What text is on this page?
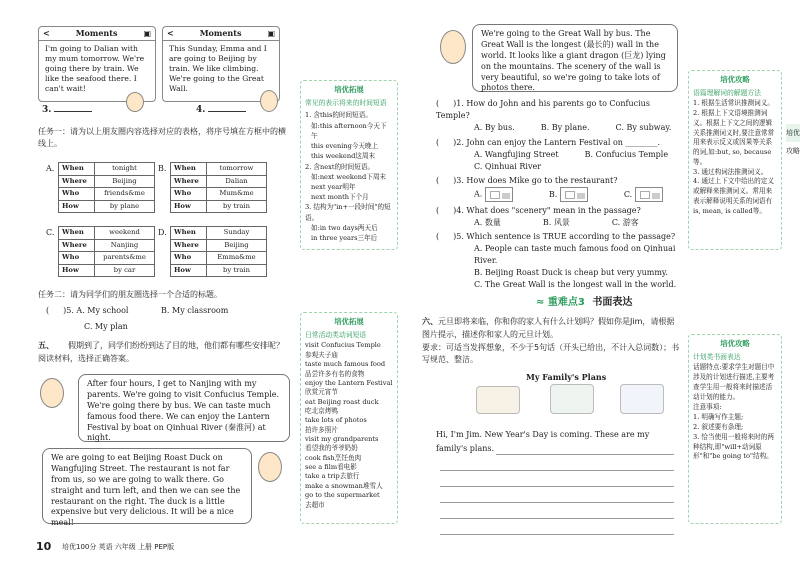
<	Moments	▣
I'm going to Dalian with my mum tomorrow. We're going there by train. We like the seafood there. I can't wait!
3.
<	Moments	▣
This Sunday, Emma and I are going to Beijing by train. We like climbing. We're going to the Great Wall.
4.
任务一：请为以上朋友圈内容选择对应的表格，将序号填在方框中的横线上。
A. When	tonight
Where	Beijing
Who	friends&me
How	by plane
B. When	tomorrow
Where	Dalian
Who	Mum&me
How	by train
C. When	weekend
Where	Nanjing
Who	parents&me
How	by car
D. When	Sunday
Where	Beijing
Who	Emma&me
How	by train
任务二：请为同学们的朋友圈选择一个合适的标题。
( )5. A. My school	B. My classroom
C. My plan
五、 假期到了，同学们纷纷到达了目的地，他们都有哪些安排呢？阅读材料，选择正确答案。
After four hours, I get to Nanjing with my parents. We're going to visit Confucius Temple. We're going there by bus. We can taste much famous food there. We can enjoy the Lantern Festival by boat on Qinhuai River (秦淮河) at night.
We are going to eat Beijing Roast Duck on Wangfujing Street. The restaurant is not far from us, so we are going to walk there. Go straight and turn left, and then we can see the restaurant on the right. The duck is a little expensive but very delicious. It will be a nice meal!
10 培优100分 英语 六年级 上册 PEP版
培优拓展
常见的表示将来的时间短语
1. 含this的时间短语。
如:this afternoon今天下午
this evening今天晚上
this weekend这周末
2. 含next的时间短语。
如:next weekend下周末
next year明年
next month下个月
3. 结构为"in+一段时间"的短语。
如:in two days两天后
in three years三年后
培优拓展
日常活动类动词短语
visit Confucius Temple
参观夫子庙
taste much famous food
品尝许多有名的食物
enjoy the Lantern Festival
欣赏元宵节
eat Beijing roast duck
吃北京烤鸭
take lots of photos
拍许多照片
visit my grandparents
看望我的爷爷奶奶
cook fish烹饪鱼肉
see a film看电影
take a trip去旅行
make a snowman堆雪人
go to the supermarket
去超市
We're going to the Great Wall by bus. The Great Wall is the longest (最长的) wall in the world. It looks like a giant dragon (巨龙) lying on the mountains. The scenery of the wall is very beautiful, so we're going to take lots of photos there.
( )1. How do John and his parents go to Confucius Temple?
A. By bus.	B. By plane.	C. By subway.
( )2. John can enjoy the Lantern Festival on ________.
A. Wangfujing Street	B. Confucius Temple
C. Qinhuai River
( )3. How does Mike go to the restaurant?
A.	B.	C.
( )4. What does "scenery" mean in the passage?
A. 数量	B. 风景	C. 游客
( )5. Which sentence is TRUE according to the passage?
A. People can taste much famous food on Qinhuai River.
B. Beijing Roast Duck is cheap but very yummy.
C. The Great Wall is the longest wall in the world.
≈ 重难点3 书面表达
六、元旦即将来临，你和你的家人有什么计划吗？假如你是Jim，请根据图片提示，描述你和家人的元旦计划。
要求：可适当发挥想象，不少于5句话（开头已给出，不计入总词数）；书写规范、整洁。
My Family's Plans
Hi, I'm Jim. New Year's Day is coming. These are my family's plans.
培优攻略
培优攻略
语篇理解词的解题方法
1. 根据生活常识推测词义。
2. 根据上下文语境推测词义。根据上下文之间的逻辑关系推测词义时,要注意常常用来表示反义或因果等关系的词,如:but, so, because等。
3. 通过构词法推测词义。
4. 通过上下文中给出的定义或解释来推测词义。常用来表示解释说明关系的词语有is, mean, is called等。
培优攻略
计划类书面表达
话题特点:要求学生对题目中涉及的计划进行描述,主要考查学生用一般将来时描述活动计划的能力。
注意事项:
1. 明确写作主题;
2. 叙述要有条理;
3. 恰当使用一般将来时的两种结构,即"will+动词原形"和"be going to"结构。
